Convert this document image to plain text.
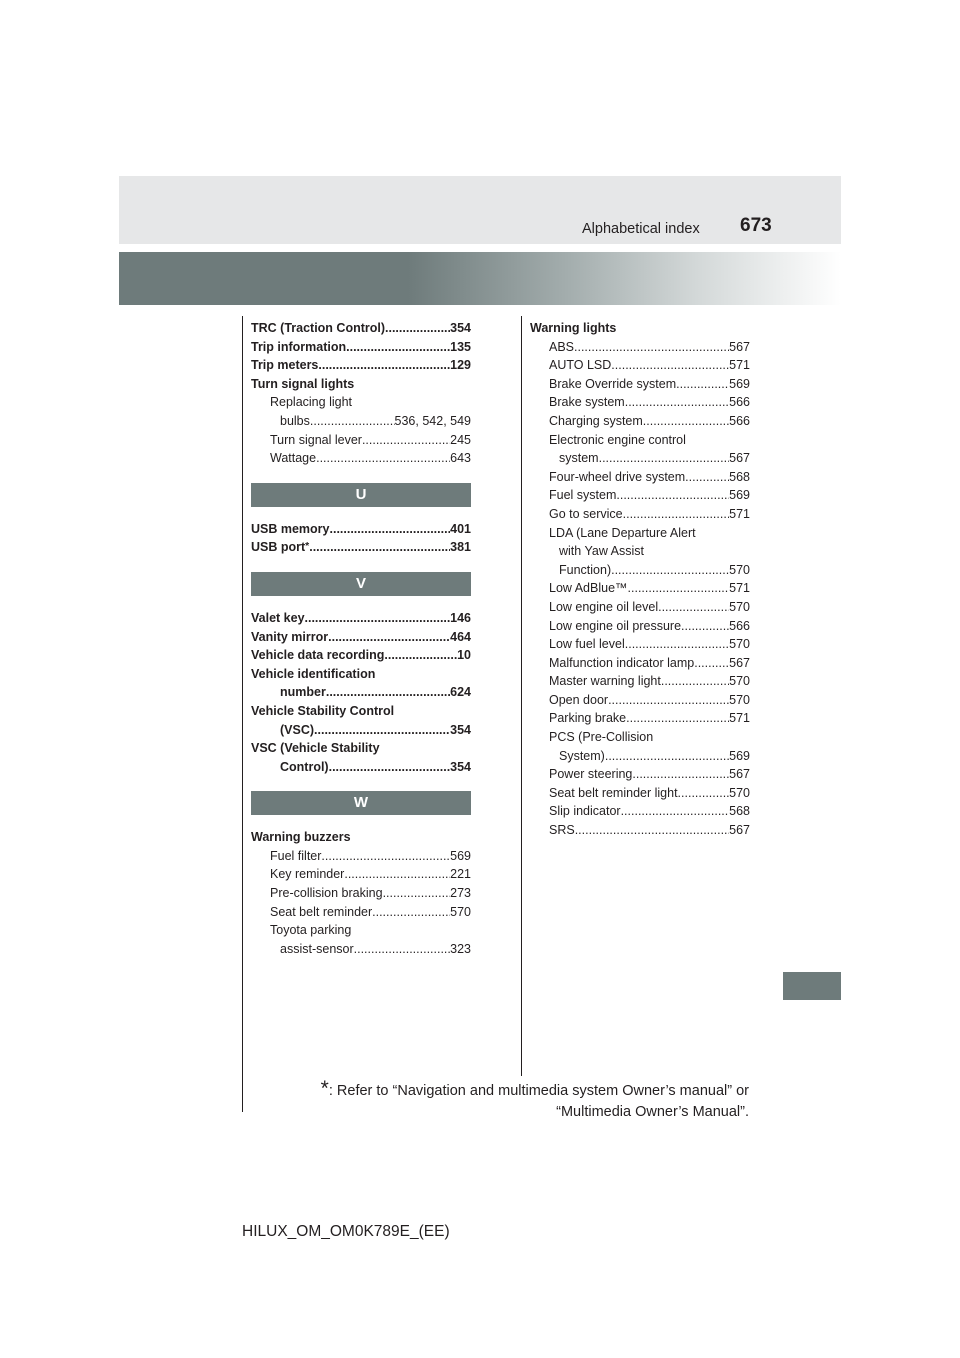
Alphabetical index 673
TRC (Traction Control) .....	354
Trip information .....	135
Trip meters .....	129
Turn signal lights
Replacing light
bulbs .....	536, 542, 549
Turn signal lever .....	245
Wattage .....	643
U
USB memory .....	401
USB port * .....	381
V
Valet key .....	146
Vanity mirror .....	464
Vehicle data recording .....	10
Vehicle identification
number .....	624
Vehicle Stability Control
(VSC) .....	354
VSC (Vehicle Stability
Control) .....	354
W
Warning buzzers
Fuel filter .....	569
Key reminder .....	221
Pre-collision braking .....	273
Seat belt reminder .....	570
Toyota parking
assist-sensor .....	323
Warning lights
ABS .....	567
AUTO LSD .....	571
Brake Override system .....	569
Brake system .....	566
Charging system .....	566
Electronic engine control
system .....	567
Four-wheel drive system .....	568
Fuel system .....	569
Go to service .....	571
LDA (Lane Departure Alert
with Yaw Assist
Function) .....	570
Low AdBlue™ .....	571
Low engine oil level .....	570
Low engine oil pressure .....	566
Low fuel level .....	570
Malfunction indicator lamp .....	567
Master warning light .....	570
Open door .....	570
Parking brake .....	571
PCS (Pre-Collision
System) .....	569
Power steering .....	567
Seat belt reminder light .....	570
Slip indicator .....	568
SRS .....	567
*: Refer to “Navigation and multimedia system Owner’s manual” or
“Multimedia Owner’s Manual”.
HILUX_OM_OM0K789E_(EE)
